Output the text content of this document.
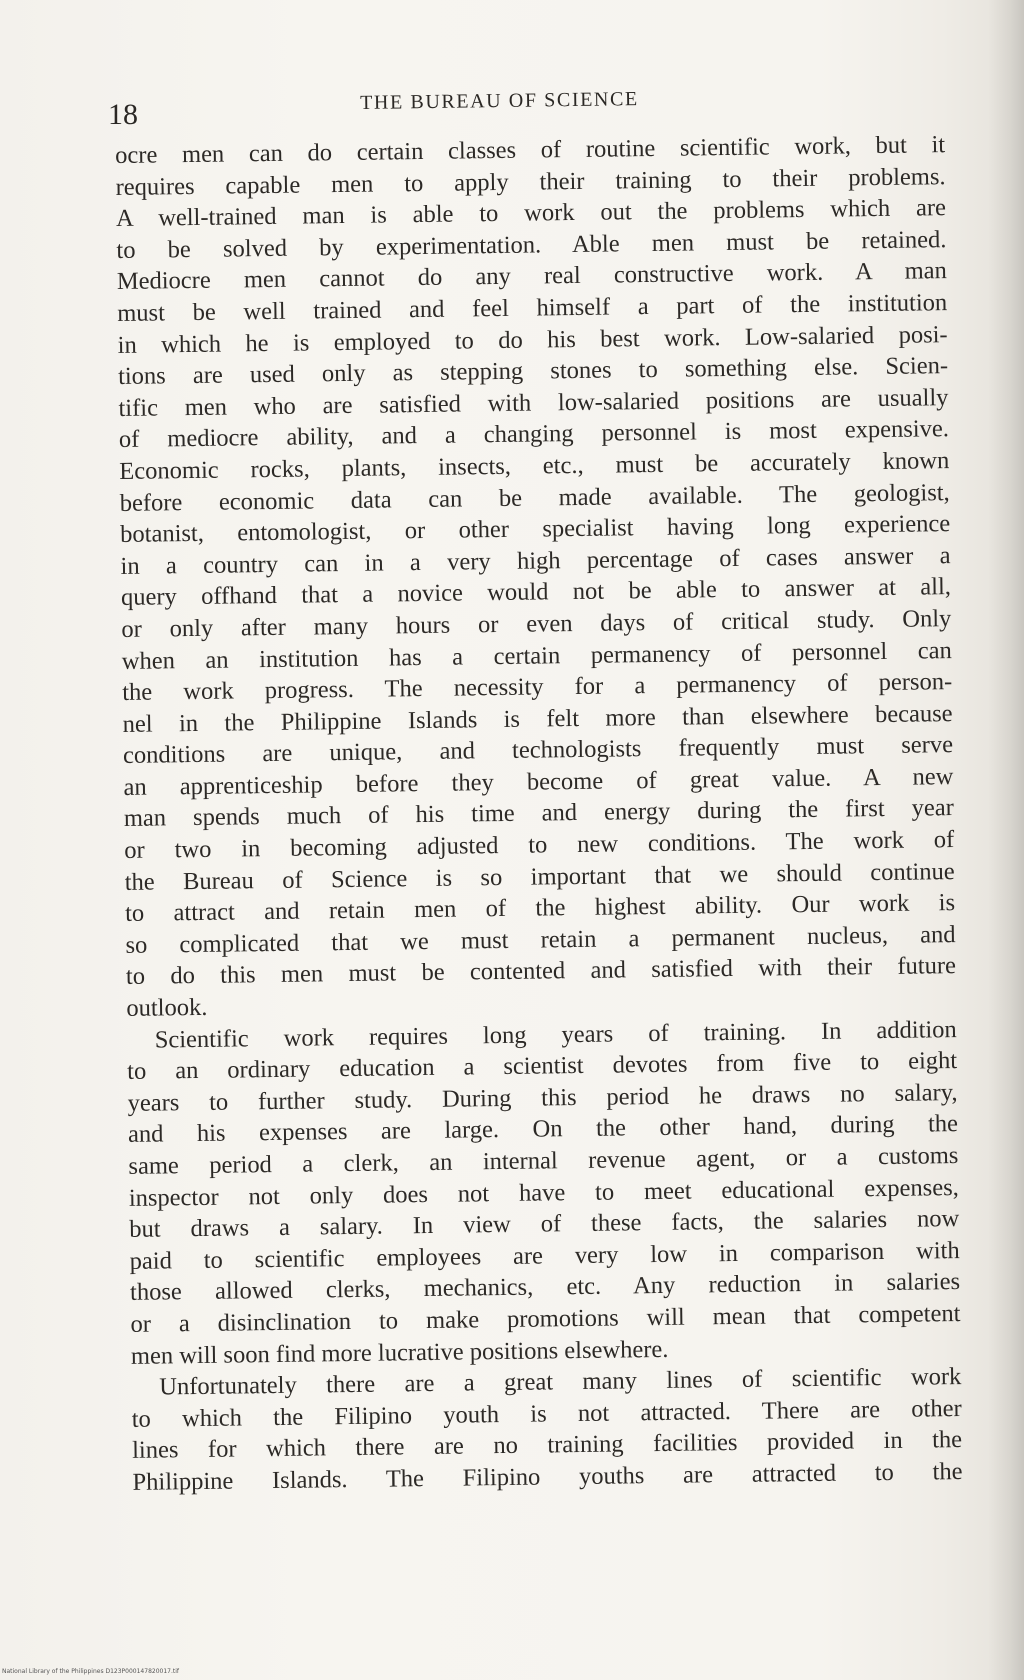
18	THE BUREAU OF SCIENCE
ocre men can do certain classes of routine scientific work, but it
requires capable men to apply their training to their problems.
A well-trained man is able to work out the problems which are
to be solved by experimentation. Able men must be retained.
Mediocre men cannot do any real constructive work. A man
must be well trained and feel himself a part of the institution
in which he is employed to do his best work. Low-salaried posi-
tions are used only as stepping stones to something else. Scien-
tific men who are satisfied with low-salaried positions are usually
of mediocre ability, and a changing personnel is most expensive.
Economic rocks, plants, insects, etc., must be accurately known
before economic data can be made available. The geologist,
botanist, entomologist, or other specialist having long experience
in a country can in a very high percentage of cases answer a
query offhand that a novice would not be able to answer at all,
or only after many hours or even days of critical study. Only
when an institution has a certain permanency of personnel can
the work progress. The necessity for a permanency of person-
nel in the Philippine Islands is felt more than elsewhere because
conditions are unique, and technologists frequently must serve
an apprenticeship before they become of great value. A new
man spends much of his time and energy during the first year
or two in becoming adjusted to new conditions. The work of
the Bureau of Science is so important that we should continue
to attract and retain men of the highest ability. Our work is
so complicated that we must retain a permanent nucleus, and
to do this men must be contented and satisfied with their future
outlook.
Scientific work requires long years of training. In addition
to an ordinary education a scientist devotes from five to eight
years to further study. During this period he draws no salary,
and his expenses are large. On the other hand, during the
same period a clerk, an internal revenue agent, or a customs
inspector not only does not have to meet educational expenses,
but draws a salary. In view of these facts, the salaries now
paid to scientific employees are very low in comparison with
those allowed clerks, mechanics, etc. Any reduction in salaries
or a disinclination to make promotions will mean that competent
men will soon find more lucrative positions elsewhere.
Unfortunately there are a great many lines of scientific work
to which the Filipino youth is not attracted. There are other
lines for which there are no training facilities provided in the
Philippine Islands. The Filipino youths are attracted to the
National Library of the Philippines D123P000147820017.tif
